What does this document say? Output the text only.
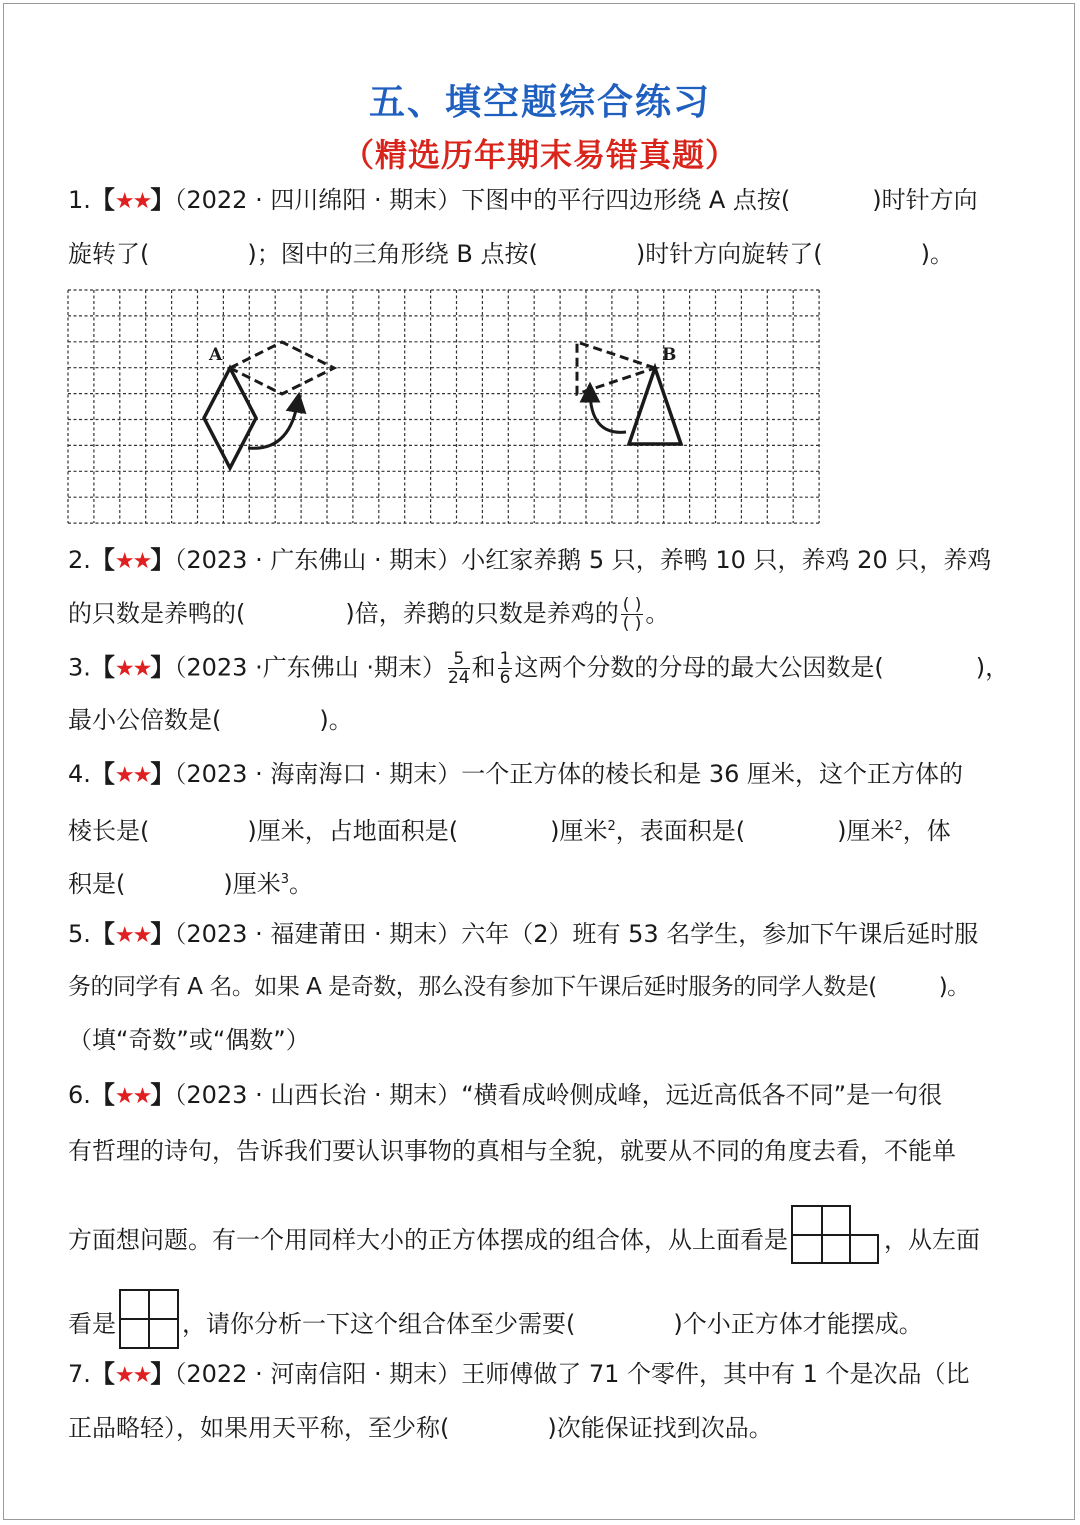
五、填空题综合练习
（精选历年期末易错真题）
1.【★★】（2022 · 四川绵阳 · 期末）下图中的平行四边形绕 A 点按(	)时针方向
旋转了(	)；图中的三角形绕 B 点按(	)时针方向旋转了(	)。
A	B
2.【★★】（2023 · 广东佛山 · 期末）小红家养鹅 5 只，养鸭 10 只，养鸡 20 只，养鸡
的只数是养鸭的(	)倍，养鹅的只数是养鸡的 $\frac{( )}{( )}$ 。
3.【★★】（2023 ·广东佛山 ·期末） $\frac{5}{24}$ 和 $\frac{1}{6}$ 这两个分数的分母的最大公因数是(	)，
最小公倍数是(	)。
4.【★★】（2023 · 海南海口 · 期末）一个正方体的棱长和是 36 厘米，这个正方体的
棱长是(	)厘米，占地面积是(	)厘米$^2$，表面积是(	)厘米$^2$，体
积是(	)厘米$^3$。
5.【★★】（2023 · 福建莆田 · 期末）六年（2）班有 53 名学生，参加下午课后延时服
务的同学有 A 名。如果 A 是奇数，那么没有参加下午课后延时服务的同学人数是(	)。
（填“奇数”或“偶数”）
6.【★★】（2023 · 山西长治 · 期末）“横看成岭侧成峰，远近高低各不同”是一句很
有哲理的诗句，告诉我们要认识事物的真相与全貌，就要从不同的角度去看，不能单
方面想问题。有一个用同样大小的正方体摆成的组合体，从上面看是	，从左面
看是	，请你分析一下这个组合体至少需要(	)个小正方体才能摆成。
7.【★★】（2022 · 河南信阳 · 期末）王师傅做了 71 个零件，其中有 1 个是次品（比
正品略轻），如果用天平称，至少称(	)次能保证找到次品。
